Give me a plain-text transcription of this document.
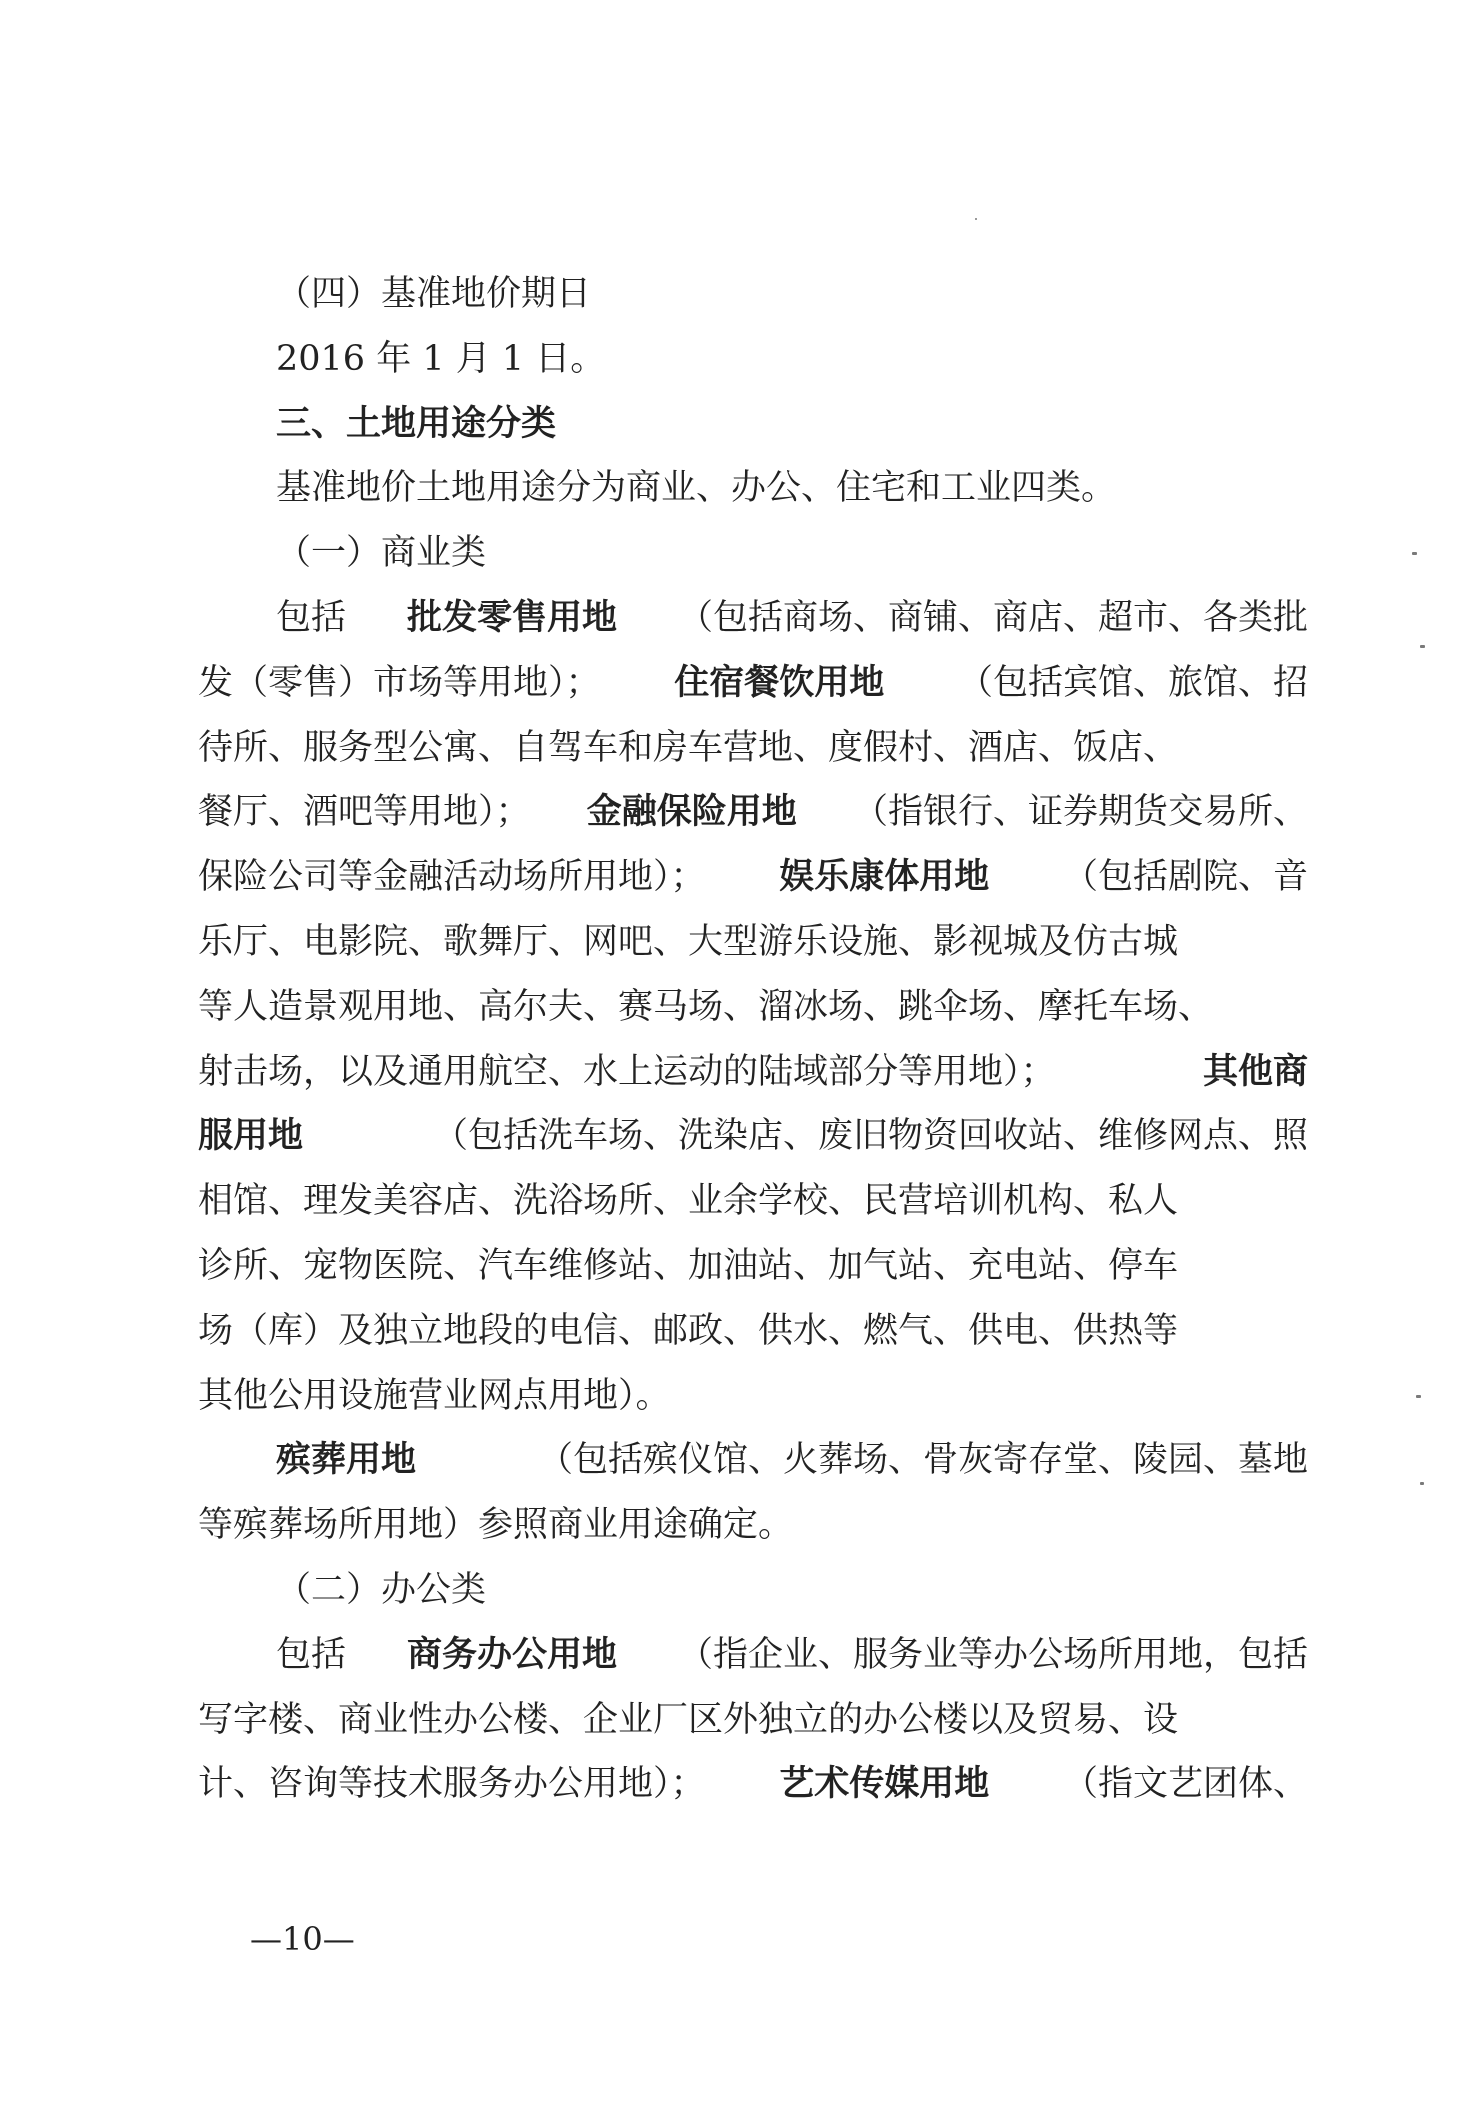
（四）基准地价期日
2016 年 1 月 1 日。
三、土地用途分类
基准地价土地用途分为商业、办公、住宅和工业四类。
（一）商业类
包括 批发零售用地 （包括商场、商铺、商店、超市、各类批
发（零售）市场等用地）； 住宿餐饮用地 （包括宾馆、旅馆、招
待所、服务型公寓、自驾车和房车营地、度假村、酒店、饭店、
餐厅、酒吧等用地）； 金融保险用地 （指银行、证券期货交易所、
保险公司等金融活动场所用地）； 娱乐康体用地 （包括剧院、音
乐厅、电影院、歌舞厅、网吧、大型游乐设施、影视城及仿古城
等人造景观用地、高尔夫、赛马场、溜冰场、跳伞场、摩托车场、
射击场，以及通用航空、水上运动的陆域部分等用地）；	其他商
服用地	（包括洗车场、洗染店、废旧物资回收站、维修网点、照
相馆、理发美容店、洗浴场所、业余学校、民营培训机构、私人
诊所、宠物医院、汽车维修站、加油站、加气站、充电站、停车
场（库）及独立地段的电信、邮政、供水、燃气、供电、供热等
其他公用设施营业网点用地）。
殡葬用地	（包括殡仪馆、火葬场、骨灰寄存堂、陵园、墓地
等殡葬场所用地）参照商业用途确定。
（二）办公类
包括 商务办公用地 （指企业、服务业等办公场所用地，包括
写字楼、商业性办公楼、企业厂区外独立的办公楼以及贸易、设
计、咨询等技术服务办公用地）； 艺术传媒用地 （指文艺团体、
—10—
